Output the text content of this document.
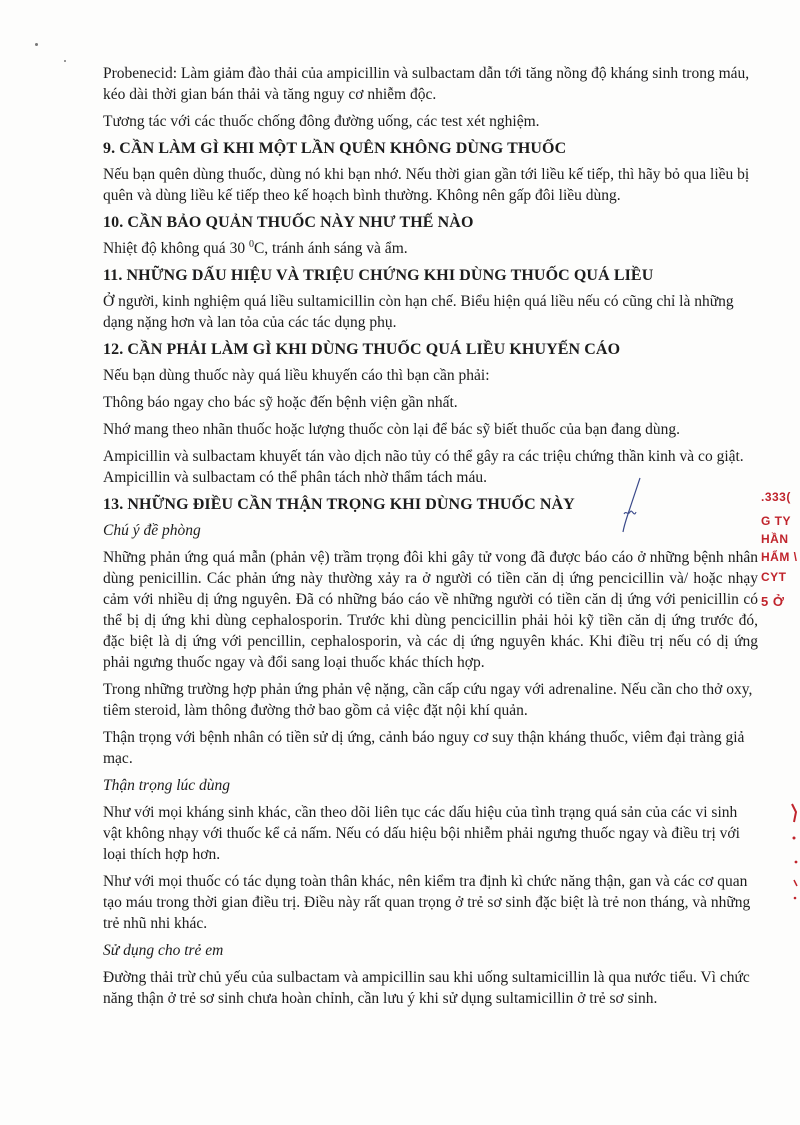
Probenecid: Làm giảm đào thải của ampicillin và sulbactam dẫn tới tăng nồng độ kháng sinh trong máu, kéo dài thời gian bán thải và tăng nguy cơ nhiễm độc.

Tương tác với các thuốc chống đông đường uống, các test xét nghiệm.

9. CẦN LÀM GÌ KHI MỘT LẦN QUÊN KHÔNG DÙNG THUỐC

Nếu bạn quên dùng thuốc, dùng nó khi bạn nhớ. Nếu thời gian gần tới liều kế tiếp, thì hãy bỏ qua liều bị quên và dùng liều kế tiếp theo kế hoạch bình thường. Không nên gấp đôi liều dùng.

10. CẦN BẢO QUẢN THUỐC NÀY NHƯ THẾ NÀO

Nhiệt độ không quá 30 $^0$C, tránh ánh sáng và ẩm.

11. NHỮNG DẤU HIỆU VÀ TRIỆU CHỨNG KHI DÙNG THUỐC QUÁ LIỀU

Ở người, kinh nghiệm quá liều sultamicillin còn hạn chế. Biểu hiện quá liều nếu có cũng chỉ là những dạng nặng hơn và lan tỏa của các tác dụng phụ.

12. CẦN PHẢI LÀM GÌ KHI DÙNG THUỐC QUÁ LIỀU KHUYẾN CÁO

Nếu bạn dùng thuốc này quá liều khuyến cáo thì bạn cần phải:

Thông báo ngay cho bác sỹ hoặc đến bệnh viện gần nhất.

Nhớ mang theo nhãn thuốc hoặc lượng thuốc còn lại để bác sỹ biết thuốc của bạn đang dùng.

Ampicillin và sulbactam khuyết tán vào dịch não tủy có thể gây ra các triệu chứng thần kinh và co giật. Ampicillin và sulbactam có thể phân tách nhờ thẩm tách máu.

13. NHỮNG ĐIỀU CẦN THẬN TRỌNG KHI DÙNG THUỐC NÀY
Chú ý đề phòng

Những phản ứng quá mẫn (phản vệ) trầm trọng đôi khi gây tử vong đã được báo cáo ở những bệnh nhân dùng penicillin. Các phản ứng này thường xảy ra ở người có tiền căn dị ứng pencicillin và/ hoặc nhạy cảm với nhiều dị ứng nguyên. Đã có những báo cáo về những người có tiền căn dị ứng với penicillin có thể bị dị ứng khi dùng cephalosporin. Trước khi dùng pencicillin phải hỏi kỹ tiền căn dị ứng trước đó, đặc biệt là dị ứng với pencillin, cephalosporin, và các dị ứng nguyên khác. Khi điều trị nếu có dị ứng phải ngưng thuốc ngay và đổi sang loại thuốc khác thích hợp.

Trong những trường hợp phản ứng phản vệ nặng, cần cấp cứu ngay với adrenaline. Nếu cần cho thở oxy, tiêm steroid, làm thông đường thở bao gồm cả việc đặt nội khí quản.

Thận trọng với bệnh nhân có tiền sử dị ứng, cảnh báo nguy cơ suy thận kháng thuốc, viêm đại tràng giả mạc.

Thận trọng lúc dùng

Như với mọi kháng sinh khác, cần theo dõi liên tục các dấu hiệu của tình trạng quá sản của các vi sinh vật không nhạy với thuốc kể cả nấm. Nếu có dấu hiệu bội nhiễm phải ngưng thuốc ngay và điều trị với loại thích hợp hơn.

Như với mọi thuốc có tác dụng toàn thân khác, nên kiểm tra định kì chức năng thận, gan và các cơ quan tạo máu trong thời gian điều trị. Điều này rất quan trọng ở trẻ sơ sinh đặc biệt là trẻ non tháng, và những trẻ nhũ nhi khác.

Sử dụng cho trẻ em

Đường thải trừ chủ yếu của sulbactam và ampicillin sau khi uống sultamicillin là qua nước tiểu. Vì chức năng thận ở trẻ sơ sinh chưa hoàn chỉnh, cần lưu ý khi sử dụng sultamicillin ở trẻ sơ sinh.

.333(
G TY
HẦN
HẨM \
CYT
5 Ở
